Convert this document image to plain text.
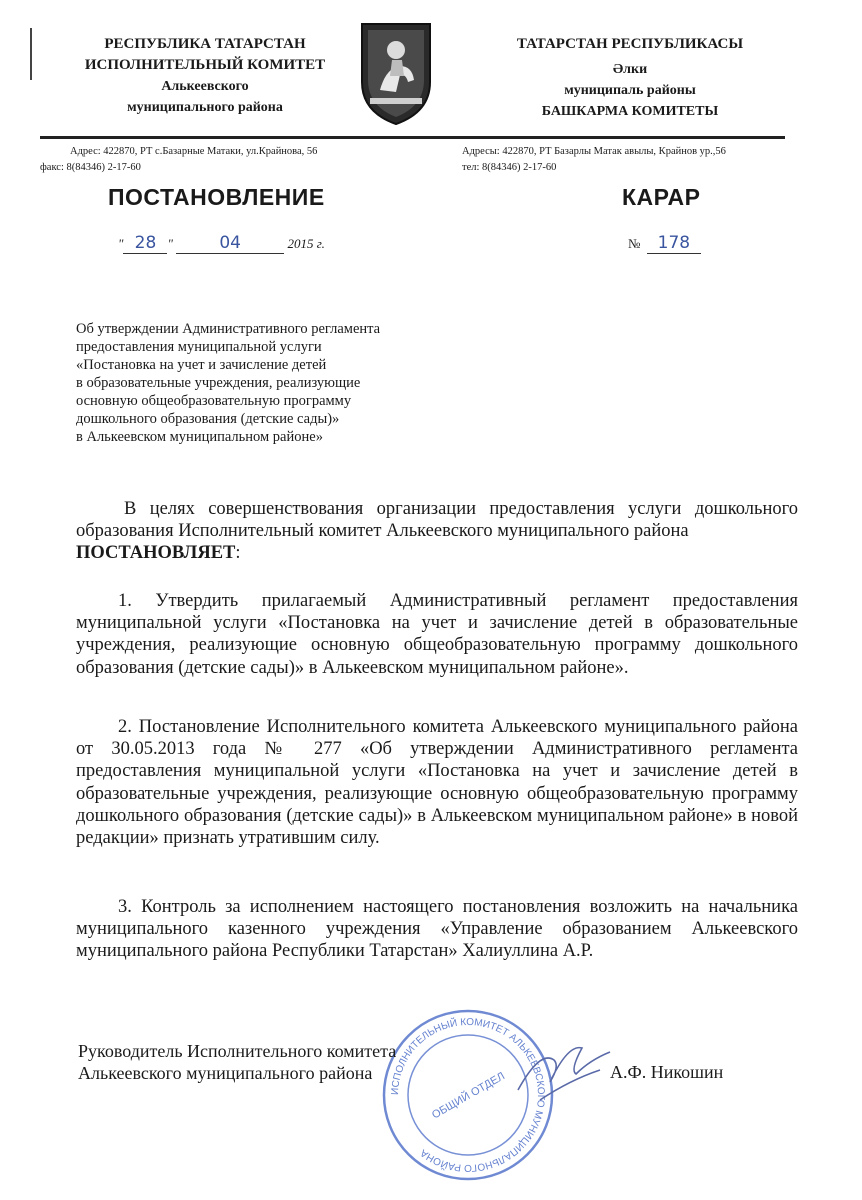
РЕСПУБЛИКА ТАТАРСТАН
ИСПОЛНИТЕЛЬНЫЙ КОМИТЕТ
Алькеевского
муниципального района
ТАТАРСТАН РЕСПУБЛИКАСЫ
Әлки
муниципаль районы
БАШКАРМА КОМИТЕТЫ
Адрес: 422870, РТ с.Базарные Матаки, ул.Крайнова, 56
факс: 8(84346) 2-17-60
Адресы: 422870, РТ Базарлы Матак авылы, Крайнов ур.,56
тел: 8(84346) 2-17-60
ПОСТАНОВЛЕНИЕ	КАРАР
" 28 "	04	2015 г.	№ 178
Об утверждении Административного регламента
предоставления муниципальной услуги
«Постановка на учет и зачисление детей
в образовательные учреждения, реализующие
основную общеобразовательную программу
дошкольного образования (детские сады)»
в Алькеевском муниципальном районе»
В целях совершенствования организации предоставления услуги дошкольного образования Исполнительный комитет Алькеевского муниципального района
ПОСТАНОВЛЯЕТ:
1. Утвердить прилагаемый Административный регламент предоставления муниципальной услуги «Постановка на учет и зачисление детей в образовательные учреждения, реализующие основную общеобразовательную программу дошкольного образования (детские сады)» в Алькеевском муниципальном районе».
2. Постановление Исполнительного комитета Алькеевского муниципального района от 30.05.2013 года № 277 «Об утверждении Административного регламента предоставления муниципальной услуги «Постановка на учет и зачисление детей в образовательные учреждения, реализующие основную общеобразовательную программу дошкольного образования (детские сады)» в Алькеевском муниципальном районе» в новой редакции» признать утратившим силу.
3. Контроль за исполнением настоящего постановления возложить на начальника муниципального казенного учреждения «Управление образованием Алькеевского муниципального района Республики Татарстан» Халиуллина А.Р.
ИСПОЛНИТЕЛЬНЫЙ КОМИТЕТ АЛЬКЕЕВСКОГО МУНИЦИПАЛЬНОГО РАЙОНА
ОБЩИЙ ОТДЕЛ
Руководитель Исполнительного комитета
Алькеевского муниципального района	А.Ф. Никошин
